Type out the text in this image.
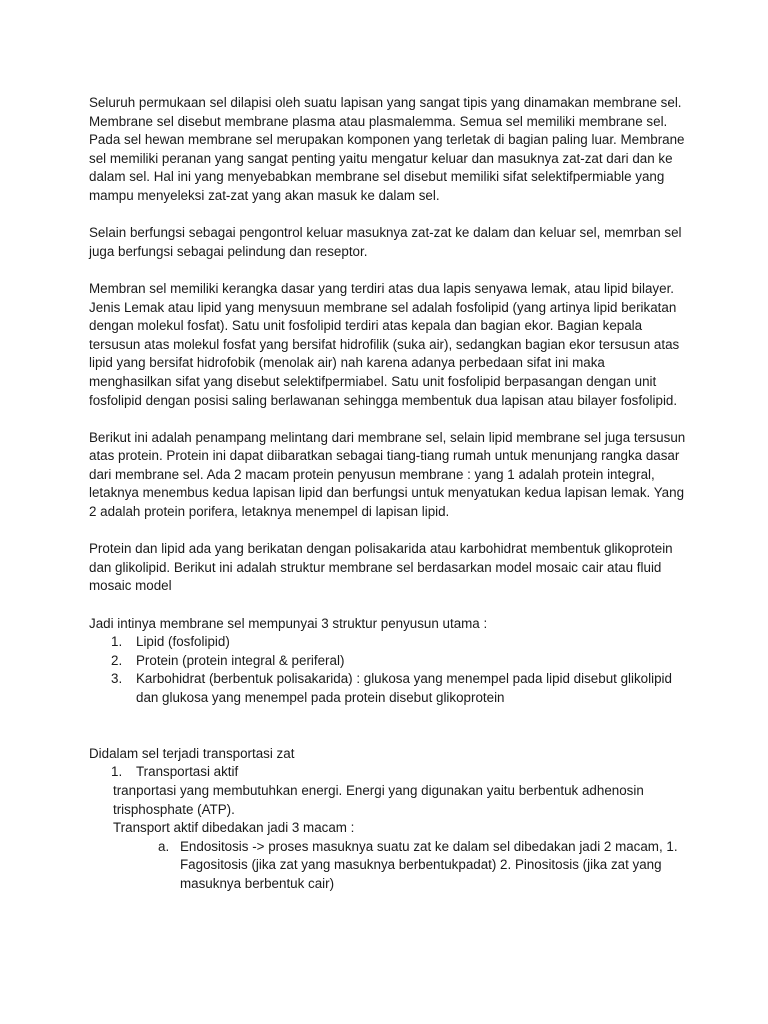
Seluruh permukaan sel dilapisi oleh suatu lapisan yang sangat tipis yang dinamakan membrane sel. Membrane sel disebut membrane plasma atau plasmalemma. Semua sel memiliki membrane sel. Pada sel hewan membrane sel merupakan komponen yang terletak di bagian paling luar. Membrane sel memiliki peranan yang sangat penting yaitu mengatur keluar dan masuknya zat-zat dari dan ke dalam sel. Hal ini yang menyebabkan membrane sel disebut memiliki sifat selektifpermiable yang mampu menyeleksi zat-zat yang akan masuk ke dalam sel.

Selain berfungsi sebagai pengontrol keluar masuknya zat-zat ke dalam dan keluar sel, memrban sel juga berfungsi sebagai pelindung dan reseptor.

Membran sel memiliki kerangka dasar yang terdiri atas dua lapis senyawa lemak, atau lipid bilayer. Jenis Lemak atau lipid yang menysuun membrane sel adalah fosfolipid (yang artinya lipid berikatan dengan molekul fosfat). Satu unit fosfolipid terdiri atas kepala dan bagian ekor. Bagian kepala tersusun atas molekul fosfat yang bersifat hidrofilik (suka air), sedangkan bagian ekor tersusun atas lipid yang bersifat hidrofobik (menolak air) nah karena adanya perbedaan sifat ini maka menghasilkan sifat yang disebut selektifpermiabel. Satu unit fosfolipid berpasangan dengan unit fosfolipid dengan posisi saling berlawanan sehingga membentuk dua lapisan atau bilayer fosfolipid.

Berikut ini adalah penampang melintang dari membrane sel, selain lipid membrane sel juga tersusun atas protein. Protein ini dapat diibaratkan sebagai tiang-tiang rumah untuk menunjang rangka dasar dari membrane sel. Ada 2 macam protein penyusun membrane : yang 1 adalah protein integral, letaknya menembus kedua lapisan lipid dan berfungsi untuk menyatukan kedua lapisan lemak. Yang 2 adalah protein porifera, letaknya menempel di lapisan lipid.

Protein dan lipid ada yang berikatan dengan polisakarida atau karbohidrat membentuk glikoprotein dan glikolipid. Berikut ini adalah struktur membrane sel berdasarkan model mosaic cair atau fluid mosaic model

Jadi intinya membrane sel mempunyai 3 struktur penyusun utama :

1. Lipid (fosfolipid)
2. Protein (protein integral & periferal)
3. Karbohidrat (berbentuk polisakarida) : glukosa yang menempel pada lipid disebut glikolipid dan glukosa yang menempel pada protein disebut glikoprotein

Didalam sel terjadi transportasi zat

1. Transportasi aktif

tranportasi yang membutuhkan energi. Energi yang digunakan yaitu berbentuk adhenosin trisphosphate (ATP).

Transport aktif dibedakan jadi 3 macam :

a. Endositosis -> proses masuknya suatu zat ke dalam sel dibedakan jadi 2 macam, 1. Fagositosis (jika zat yang masuknya berbentukpadat) 2. Pinositosis (jika zat yang masuknya berbentuk cair)
